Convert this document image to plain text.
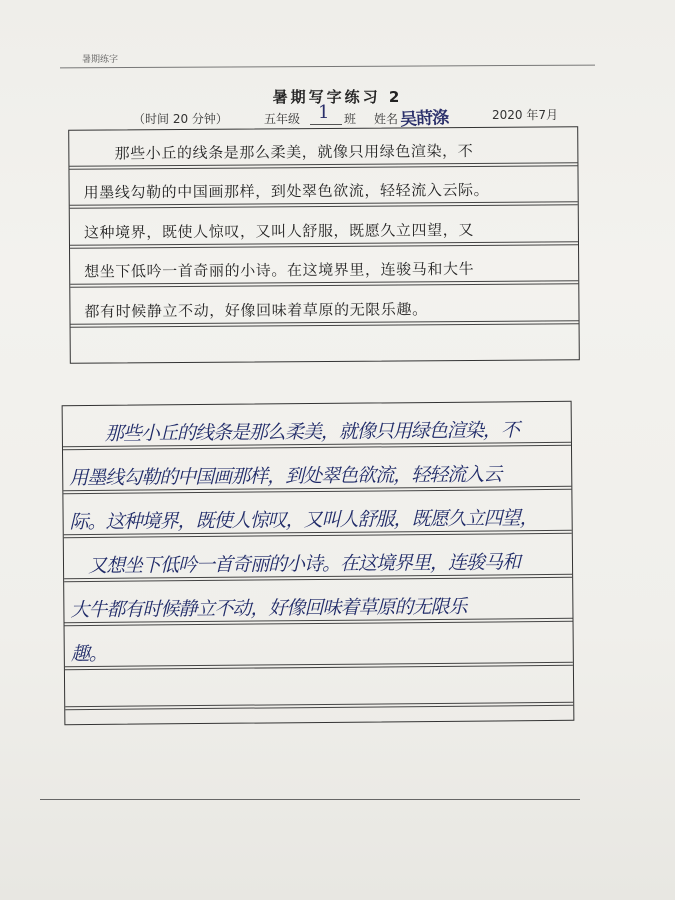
暑期练字
暑期写字练习 2
（时间 20 分钟）	五年级 1 班 姓名 吴莳涤	2020 年7月
　　那些小丘的线条是那么柔美，就像只用绿色渲染，不
用墨线勾勒的中国画那样，到处翠色欲流，轻轻流入云际。
这种境界，既使人惊叹，又叫人舒服，既愿久立四望，又
想坐下低吟一首奇丽的小诗。在这境界里，连骏马和大牛
都有时候静立不动，好像回味着草原的无限乐趣。
　　那些小丘的线条是那么柔美，就像只用绿色渲染，不
用墨线勾勒的中国画那样，到处翠色欲流，轻轻流入云
际。这种境界，既使人惊叹，又叫人舒服，既愿久立四望，
　又想坐下低吟一首奇丽的小诗。在这境界里，连骏马和
大牛都有时候静立不动，好像回味着草原的无限乐
趣。
